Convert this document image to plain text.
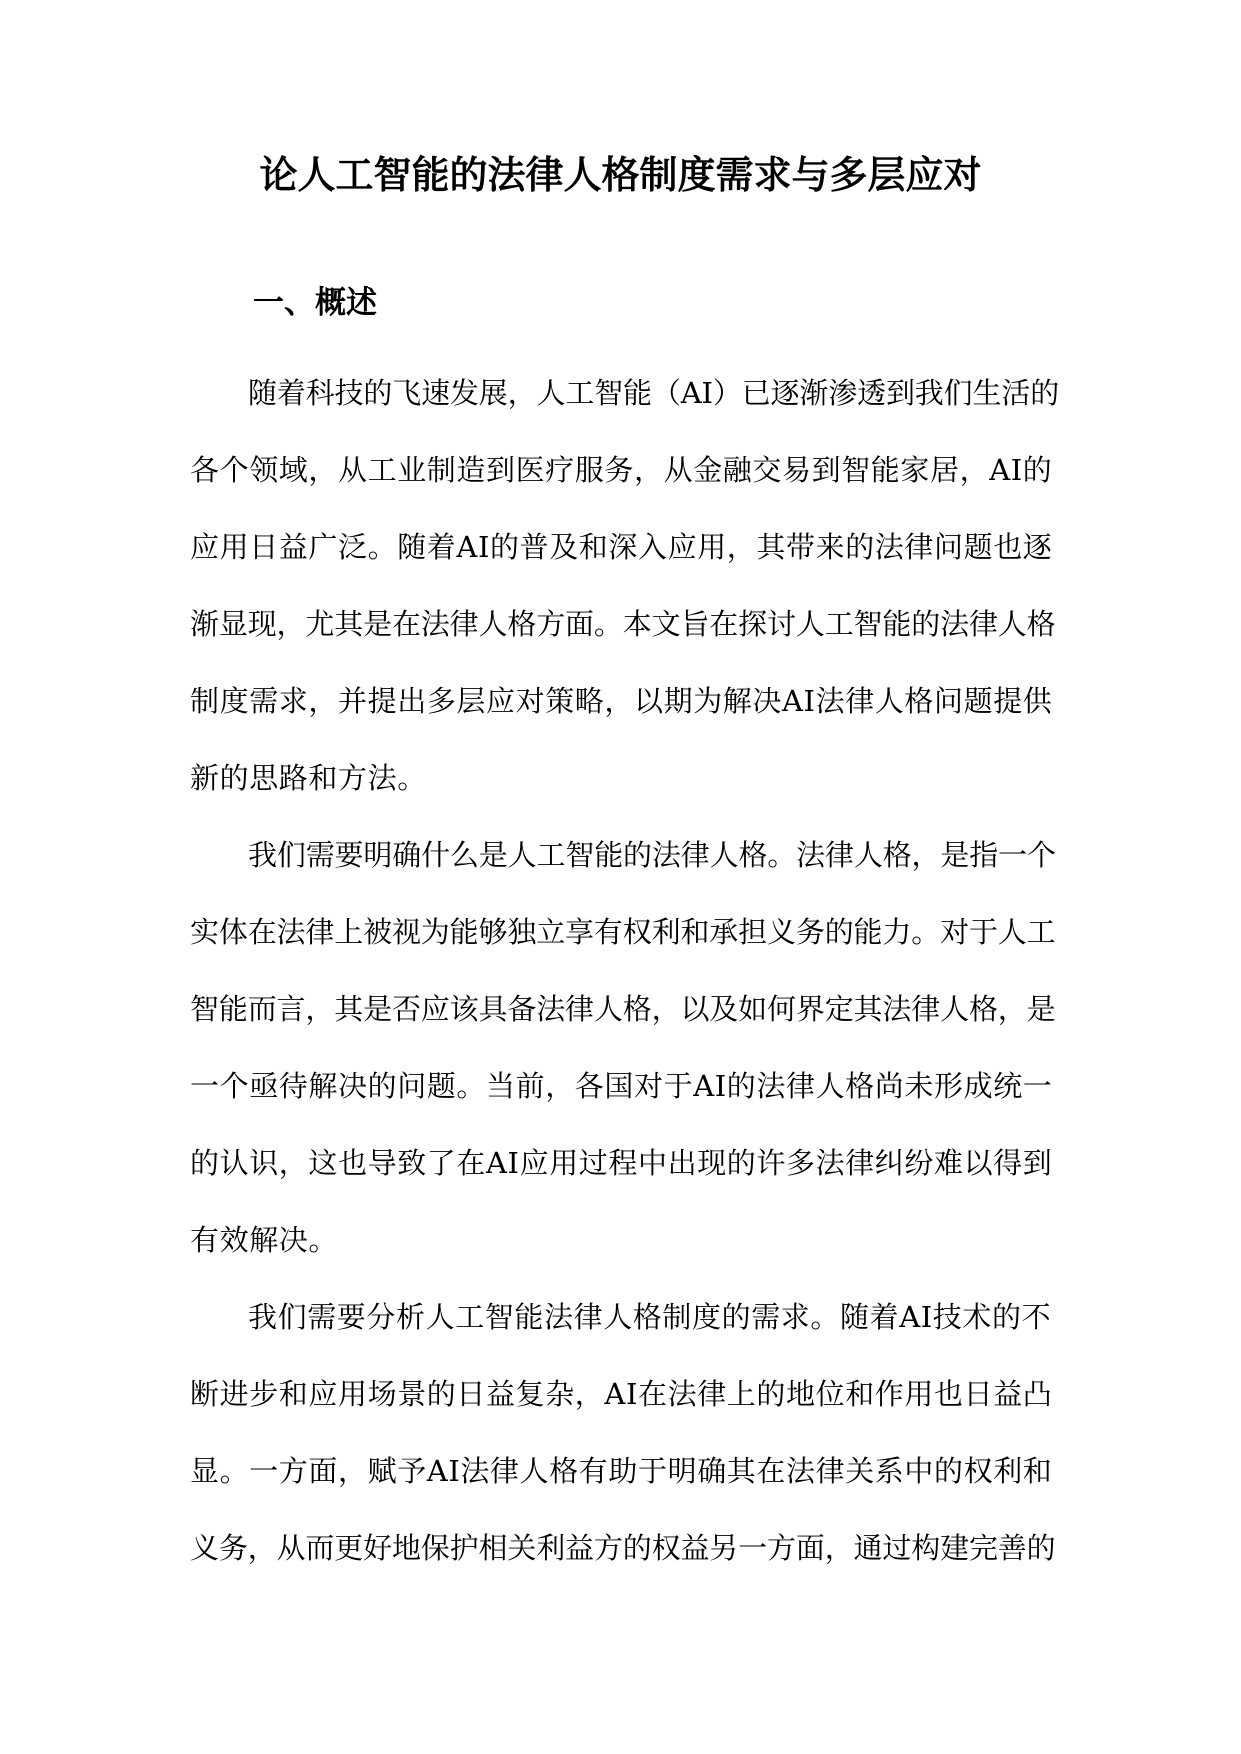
论人工智能的法律人格制度需求与多层应对
一、概述

随着科技的飞速发展，人工智能（AI）已逐渐渗透到我们生活的

各个领域，从工业制造到医疗服务，从金融交易到智能家居，AI的

应用日益广泛。随着AI的普及和深入应用，其带来的法律问题也逐

渐显现，尤其是在法律人格方面。本文旨在探讨人工智能的法律人格

制度需求，并提出多层应对策略，以期为解决AI法律人格问题提供

新的思路和方法。

我们需要明确什么是人工智能的法律人格。法律人格，是指一个

实体在法律上被视为能够独立享有权利和承担义务的能力。对于人工

智能而言，其是否应该具备法律人格，以及如何界定其法律人格，是

一个亟待解决的问题。当前，各国对于AI的法律人格尚未形成统一

的认识，这也导致了在AI应用过程中出现的许多法律纠纷难以得到

有效解决。

我们需要分析人工智能法律人格制度的需求。随着AI技术的不

断进步和应用场景的日益复杂，AI在法律上的地位和作用也日益凸

显。一方面，赋予AI法律人格有助于明确其在法律关系中的权利和

义务，从而更好地保护相关利益方的权益另一方面，通过构建完善的
